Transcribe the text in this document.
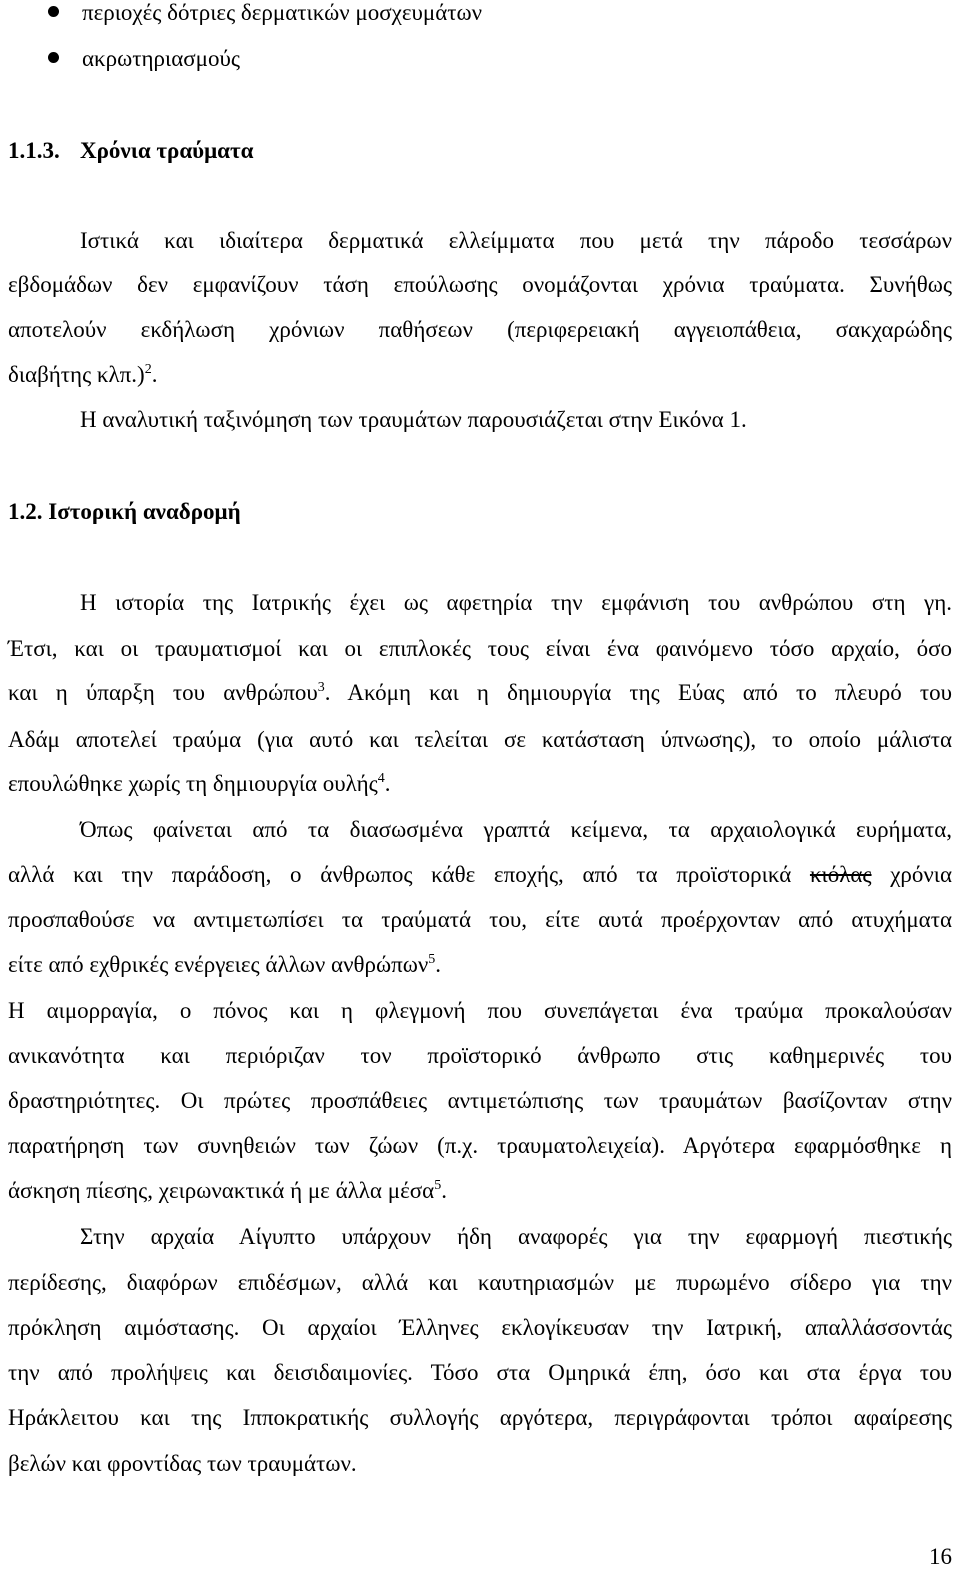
περιοχές δότριες δερματικών μοσχευμάτων
ακρωτηριασμούς
1.1.3. Χρόνια τραύματα
Ιστικά και ιδιαίτερα δερματικά ελλείμματα που μετά την πάροδο τεσσάρων
εβδομάδων δεν εμφανίζουν τάση επούλωσης ονομάζονται χρόνια τραύματα. Συνήθως
αποτελούν εκδήλωση χρόνιων παθήσεων (περιφερειακή αγγειοπάθεια, σακχαρώδης
διαβήτης κλπ.)$^2$.
Η αναλυτική ταξινόμηση των τραυμάτων παρουσιάζεται στην Εικόνα 1.
1.2. Ιστορική αναδρομή
Η ιστορία της Ιατρικής έχει ως αφετηρία την εμφάνιση του ανθρώπου στη γη.
Έτσι, και οι τραυματισμοί και οι επιπλοκές τους είναι ένα φαινόμενο τόσο αρχαίο, όσο
και η ύπαρξη του ανθρώπου$^3$. Ακόμη και η δημιουργία της Εύας από το πλευρό του
Αδάμ αποτελεί τραύμα (για αυτό και τελείται σε κατάσταση ύπνωσης), το οποίο μάλιστα
επουλώθηκε χωρίς τη δημιουργία ουλής$^4$.
Όπως φαίνεται από τα διασωσμένα γραπτά κείμενα, τα αρχαιολογικά ευρήματα,
αλλά και την παράδοση, ο άνθρωπος κάθε εποχής, από τα προϊστορικά κιόλας χρόνια
προσπαθούσε να αντιμετωπίσει τα τραύματά του, είτε αυτά προέρχονταν από ατυχήματα
είτε από εχθρικές ενέργειες άλλων ανθρώπων$^5$.
Η αιμορραγία, ο πόνος και η φλεγμονή που συνεπάγεται ένα τραύμα προκαλούσαν
ανικανότητα και περιόριζαν τον προϊστορικό άνθρωπο στις καθημερινές του
δραστηριότητες. Οι πρώτες προσπάθειες αντιμετώπισης των τραυμάτων βασίζονταν στην
παρατήρηση των συνηθειών των ζώων (π.χ. τραυματολειχεία). Αργότερα εφαρμόσθηκε η
άσκηση πίεσης, χειρωνακτικά ή με άλλα μέσα$^5$.
Στην αρχαία Αίγυπτο υπάρχουν ήδη αναφορές για την εφαρμογή πιεστικής
περίδεσης, διαφόρων επιδέσμων, αλλά και καυτηριασμών με πυρωμένο σίδερο για την
πρόκληση αιμόστασης. Οι αρχαίοι Έλληνες εκλογίκευσαν την Ιατρική, απαλλάσσοντάς
την από προλήψεις και δεισιδαιμονίες. Τόσο στα Ομηρικά έπη, όσο και στα έργα του
Ηράκλειτου και της Ιπποκρατικής συλλογής αργότερα, περιγράφονται τρόποι αφαίρεσης
βελών και φροντίδας των τραυμάτων.
16
